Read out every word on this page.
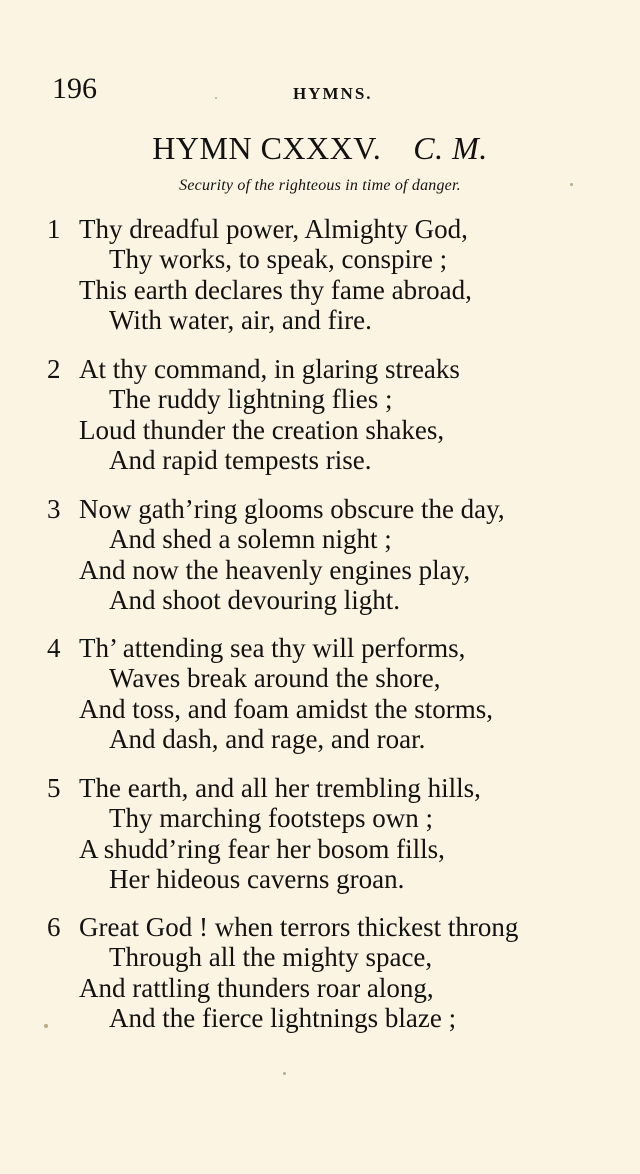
196	HYMNS.
HYMN CXXXV. C. M.
Security of the righteous in time of danger.
1 Thy dreadful power, Almighty God,
Thy works, to speak, conspire ;
This earth declares thy fame abroad,
With water, air, and fire.
2 At thy command, in glaring streaks
The ruddy lightning flies ;
Loud thunder the creation shakes,
And rapid tempests rise.
3 Now gath’ring glooms obscure the day,
And shed a solemn night ;
And now the heavenly engines play,
And shoot devouring light.
4 Th’ attending sea thy will performs,
Waves break around the shore,
And toss, and foam amidst the storms,
And dash, and rage, and roar.
5 The earth, and all her trembling hills,
Thy marching footsteps own ;
A shudd’ring fear her bosom fills,
Her hideous caverns groan.
6 Great God ! when terrors thickest throng
Through all the mighty space,
And rattling thunders roar along,
And the fierce lightnings blaze ;
